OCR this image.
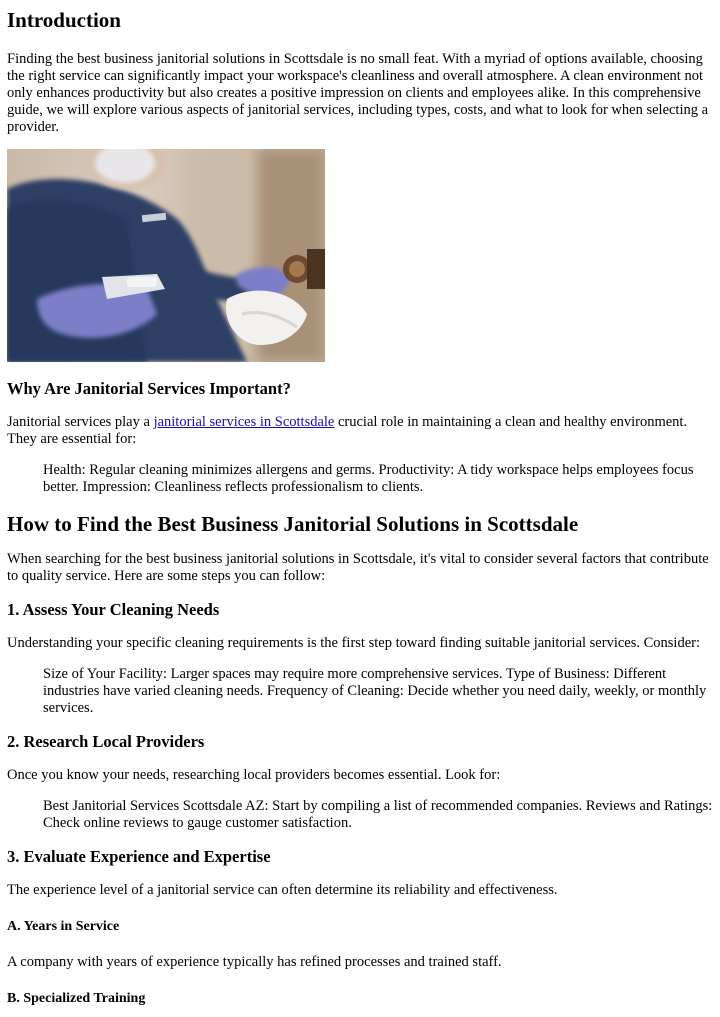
Introduction

Finding the best business janitorial solutions in Scottsdale is no small feat. With a myriad of options available, choosing the right service can significantly impact your workspace's cleanliness and overall atmosphere. A clean environment not only enhances productivity but also creates a positive impression on clients and employees alike. In this comprehensive guide, we will explore various aspects of janitorial services, including types, costs, and what to look for when selecting a provider.

Why Are Janitorial Services Important?

Janitorial services play a janitorial services in Scottsdale crucial role in maintaining a clean and healthy environment. They are essential for:

Health: Regular cleaning minimizes allergens and germs. Productivity: A tidy workspace helps employees focus better. Impression: Cleanliness reflects professionalism to clients.

How to Find the Best Business Janitorial Solutions in Scottsdale

When searching for the best business janitorial solutions in Scottsdale, it's vital to consider several factors that contribute to quality service. Here are some steps you can follow:

1. Assess Your Cleaning Needs

Understanding your specific cleaning requirements is the first step toward finding suitable janitorial services. Consider:

Size of Your Facility: Larger spaces may require more comprehensive services. Type of Business: Different industries have varied cleaning needs. Frequency of Cleaning: Decide whether you need daily, weekly, or monthly services.

2. Research Local Providers

Once you know your needs, researching local providers becomes essential. Look for:

Best Janitorial Services Scottsdale AZ: Start by compiling a list of recommended companies. Reviews and Ratings: Check online reviews to gauge customer satisfaction.

3. Evaluate Experience and Expertise

The experience level of a janitorial service can often determine its reliability and effectiveness.

A. Years in Service

A company with years of experience typically has refined processes and trained staff.

B. Specialized Training
